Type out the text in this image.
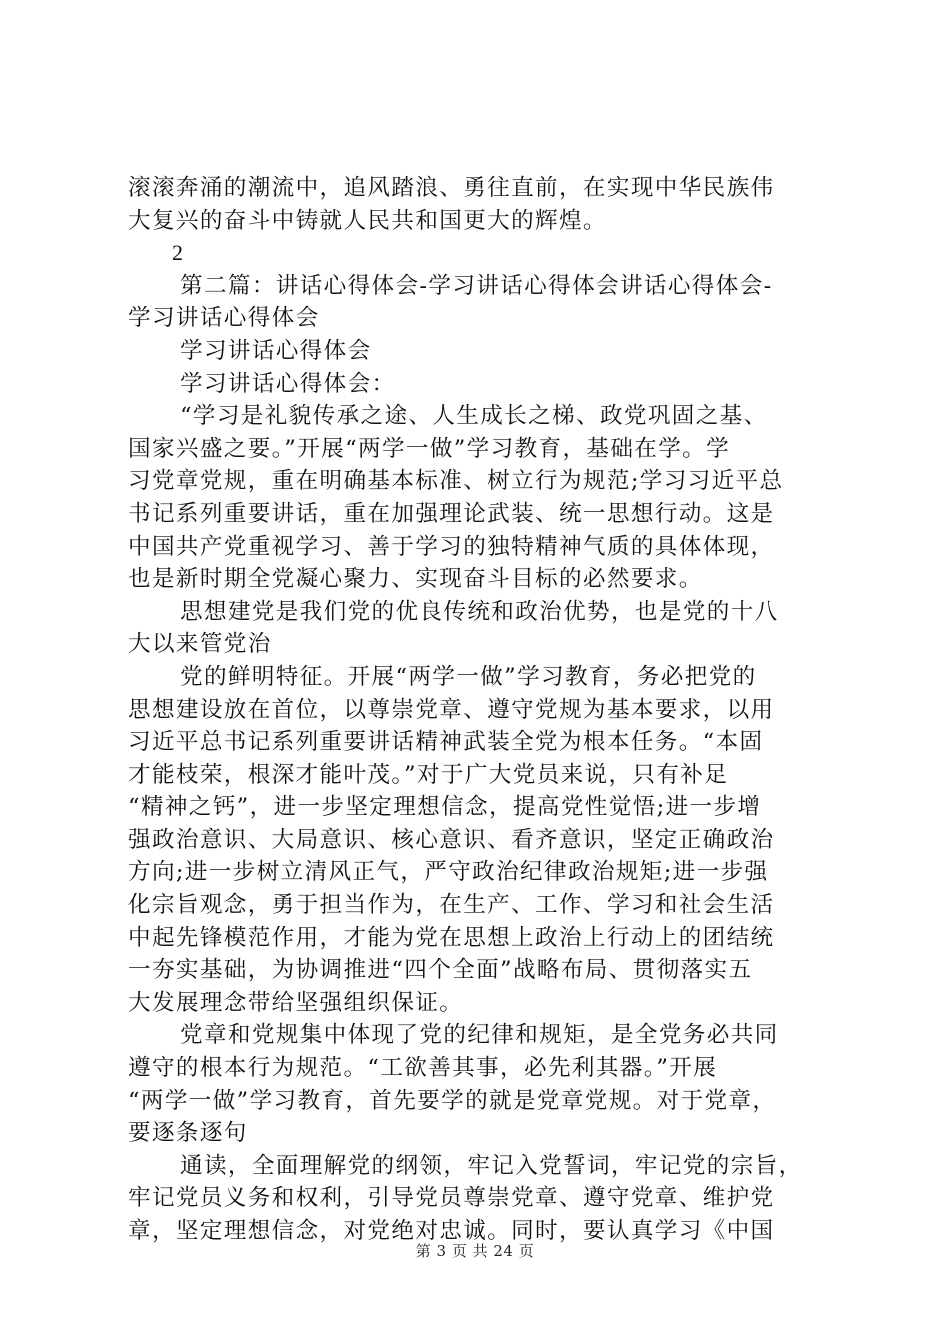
滚滚奔涌的潮流中，追风踏浪、勇往直前，在实现中华民族伟
大复兴的奋斗中铸就人民共和国更大的辉煌。
2
第二篇：讲话心得体会-学习讲话心得体会讲话心得体会-
学习讲话心得体会
学习讲话心得体会
学习讲话心得体会：
“学习是礼貌传承之途、人生成长之梯、政党巩固之基、
国家兴盛之要。”开展“两学一做”学习教育，基础在学。学
习党章党规，重在明确基本标准、树立行为规范;学习习近平总
书记系列重要讲话，重在加强理论武装、统一思想行动。这是
中国共产党重视学习、善于学习的独特精神气质的具体体现，
也是新时期全党凝心聚力、实现奋斗目标的必然要求。
思想建党是我们党的优良传统和政治优势，也是党的十八
大以来管党治
党的鲜明特征。开展“两学一做”学习教育，务必把党的
思想建设放在首位，以尊崇党章、遵守党规为基本要求，以用
习近平总书记系列重要讲话精神武装全党为根本任务。“本固
才能枝荣，根深才能叶茂。”对于广大党员来说，只有补足
“精神之钙”，进一步坚定理想信念，提高党性觉悟;进一步增
强政治意识、大局意识、核心意识、看齐意识，坚定正确政治
方向;进一步树立清风正气，严守政治纪律政治规矩;进一步强
化宗旨观念，勇于担当作为，在生产、工作、学习和社会生活
中起先锋模范作用，才能为党在思想上政治上行动上的团结统
一夯实基础，为协调推进“四个全面”战略布局、贯彻落实五
大发展理念带给坚强组织保证。
党章和党规集中体现了党的纪律和规矩，是全党务必共同
遵守的根本行为规范。“工欲善其事，必先利其器。”开展
“两学一做”学习教育，首先要学的就是党章党规。对于党章，
要逐条逐句
通读，全面理解党的纲领，牢记入党誓词，牢记党的宗旨，
牢记党员义务和权利，引导党员尊崇党章、遵守党章、维护党
章，坚定理想信念，对党绝对忠诚。同时，要认真学习《中国
第 3 页 共 24 页
